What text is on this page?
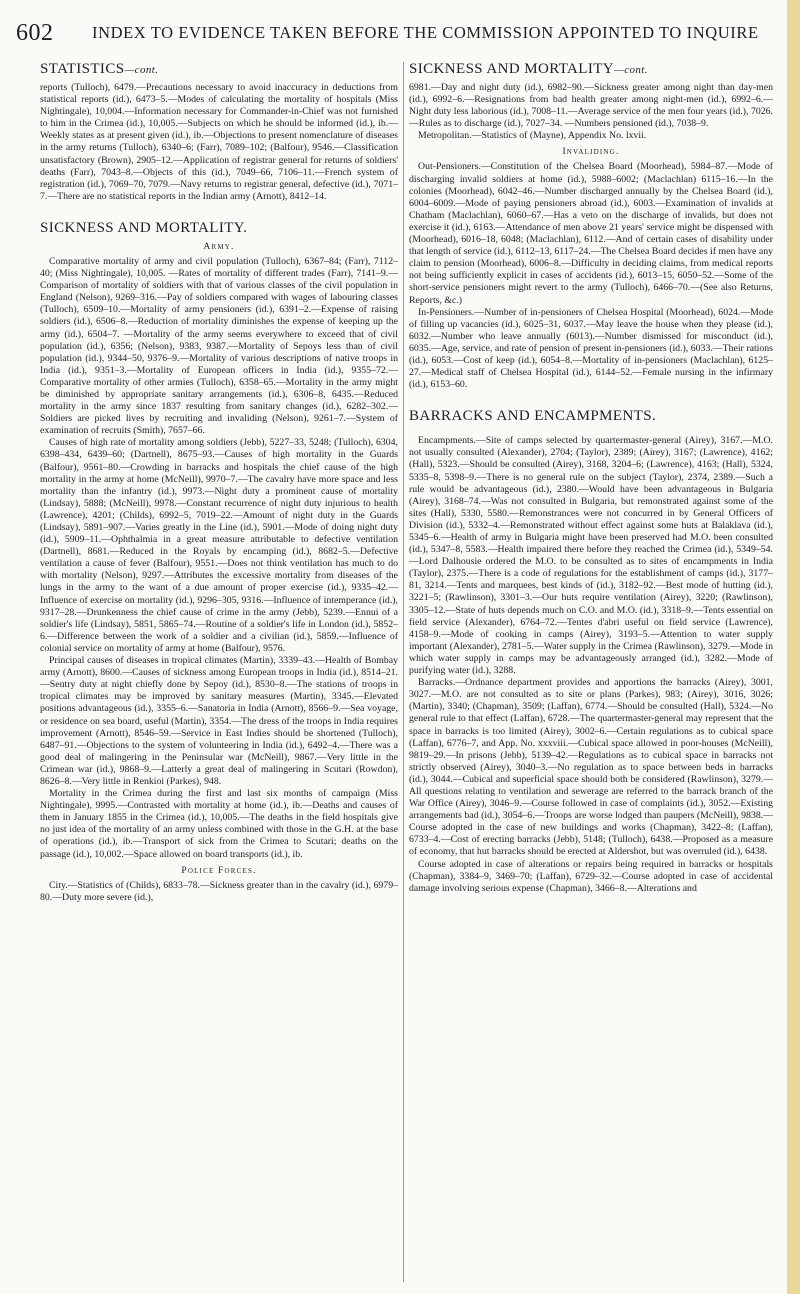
602 INDEX TO EVIDENCE TAKEN BEFORE THE COMMISSION APPOINTED TO INQUIRE
STATISTICS—cont.

reports (Tulloch), 6479.—Precautions necessary to avoid inaccuracy in deductions from statistical reports (id.), 6473–5.—Modes of calculating the mortality of hospitals (Miss Nightingale), 10,004.—Information necessary for Commander-in-Chief was not furnished to him in the Crimea (id.), 10,005.—Subjects on which he should be informed (id.), ib.—Weekly states as at present given (id.), ib.—Objections to present nomenclature of diseases in the army returns (Tulloch), 6340–6; (Farr), 7089–102; (Balfour), 9546.—Classification unsatisfactory (Brown), 2905–12.—Application of registrar general for returns of soldiers' deaths (Farr), 7043–8.—Objects of this (id.), 7049–66, 7106–11.—French system of registration (id.), 7069–70, 7079.—Navy returns to registrar general, defective (id.), 7071–7.—There are no statistical reports in the Indian army (Arnott), 8412–14.

SICKNESS AND MORTALITY.
Army.

Comparative mortality of army and civil population (Tulloch), 6367–84; (Farr), 7112–40; (Miss Nightingale), 10,005. —Rates of mortality of different trades (Farr), 7141–9.—Comparison of mortality of soldiers with that of various classes of the civil population in England (Nelson), 9269–316.—Pay of soldiers compared with wages of labouring classes (Tulloch), 6509–10.—Mortality of army pensioners (id.), 6391–2.—Expense of raising soldiers (id.), 6506–8.—Reduction of mortality diminishes the expense of keeping up the army (id.), 6504–7. —Mortality of the army seems everywhere to exceed that of civil population (id.), 6356; (Nelson), 9383, 9387.—Mortality of Sepoys less than of civil population (id.), 9344–50, 9376–9.—Mortality of various descriptions of native troops in India (id.), 9351–3.—Mortality of European officers in India (id.), 9355–72.—Comparative mortality of other armies (Tulloch), 6358–65.—Mortality in the army might be diminished by appropriate sanitary arrangements (id.), 6306–8, 6435.—Reduced mortality in the army since 1837 resulting from sanitary changes (id.), 6282–302.—Soldiers are picked lives by recruiting and invaliding (Nelson), 9261–7.—System of examination of recruits (Smith), 7657–66.

Causes of high rate of mortality among soldiers (Jebb), 5227–33, 5248; (Tulloch), 6304, 6398–434, 6439–60; (Dartnell), 8675–93.—Causes of high mortality in the Guards (Balfour), 9561–80.—Crowding in barracks and hospitals the chief cause of the high mortality in the army at home (McNeill), 9970–7.—The cavalry have more space and less mortality than the infantry (id.), 9973.—Night duty a prominent cause of mortality (Lindsay), 5888; (McNeill), 9978.—Constant recurrence of night duty injurious to health (Lawrence), 4201; (Childs), 6992–5, 7019–22.—Amount of night duty in the Guards (Lindsay), 5891–907.—Varies greatly in the Line (id.), 5901.—Mode of doing night duty (id.), 5909–11.—Ophthalmia in a great measure attributable to defective ventilation (Dartnell), 8681.—Reduced in the Royals by encamping (id.), 8682–5.—Defective ventilation a cause of fever (Balfour), 9551.—Does not think ventilation has much to do with mortality (Nelson), 9297.—Attributes the excessive mortality from diseases of the lungs in the army to the want of a due amount of proper exercise (id.), 9335–42.—Influence of exercise on mortality (id.), 9296–305, 9316.—Influence of intemperance (id.), 9317–28.—Drunkenness the chief cause of crime in the army (Jebb), 5239.—Ennui of a soldier's life (Lindsay), 5851, 5865–74.—Routine of a soldier's life in London (id.), 5852–6.—Difference between the work of a soldier and a civilian (id.), 5859.—Influence of colonial service on mortality of army at home (Balfour), 9576.

Principal causes of diseases in tropical climates (Martin), 3339–43.—Health of Bombay army (Arnott), 8600.—Causes of sickness among European troops in India (id.), 8514–21.—Sentry duty at night chiefly done by Sepoy (id.), 8530–8.—The stations of troops in tropical climates may be improved by sanitary measures (Martin), 3345.—Elevated positions advantageous (id.), 3355–6.—Sanatoria in India (Arnott), 8566–9.—Sea voyage, or residence on sea board, useful (Martin), 3354.—The dress of the troops in India requires improvement (Arnott), 8546–59.—Service in East Indies should be shortened (Tulloch), 6487–91.—Objections to the system of volunteering in India (id.), 6492–4.—There was a good deal of malingering in the Peninsular war (McNeill), 9867.—Very little in the Crimean war (id.), 9868–9.—Latterly a great deal of malingering in Scutari (Rowdon), 8626–8.—Very little in Renkioi (Parkes), 948.

Mortality in the Crimea during the first and last six months of campaign (Miss Nightingale), 9995.—Contrasted with mortality at home (id.), ib.—Deaths and causes of them in January 1855 in the Crimea (id.), 10,005.—The deaths in the field hospitals give no just idea of the mortality of an army unless combined with those in the G.H. at the base of operations (id.), ib.—Transport of sick from the Crimea to Scutari; deaths on the passage (id.), 10,002.—Space allowed on board transports (id.), ib.

Police Forces.

City.—Statistics of (Childs), 6833–78.—Sickness greater than in the cavalry (id.), 6979–80.—Duty more severe (id.),

SICKNESS AND MORTALITY—cont.

6981.—Day and night duty (id.), 6982–90.—Sickness greater among night than day-men (id.), 6992–6.—Resignations from bad health greater among night-men (id.), 6992–6.—Night duty less laborious (id.), 7008–11.—Average service of the men four years (id.), 7026.—Rules as to discharge (id.), 7027–34. —Numbers pensioned (id.), 7038–9.

Metropolitan.—Statistics of (Mayne), Appendix No. lxvii.

Invaliding.

Out-Pensioners.—Constitution of the Chelsea Board (Moorhead), 5984–87.—Mode of discharging invalid soldiers at home (id.), 5988–6002; (Maclachlan) 6115–16.—In the colonies (Moorhead), 6042–46.—Number discharged annually by the Chelsea Board (id.), 6004–6009.—Mode of paying pensioners abroad (id.), 6003.—Examination of invalids at Chatham (Maclachlan), 6060–67.—Has a veto on the discharge of invalids, but does not exercise it (id.), 6163.—Attendance of men above 21 years' service might be dispensed with (Moorhead), 6016–18, 6048; (Maclachlan), 6112.—And of certain cases of disability under that length of service (id.), 6112–13, 6117–24.—The Chelsea Board decides if men have any claim to pension (Moorhead), 6006–8.—Difficulty in deciding claims, from medical reports not being sufficiently explicit in cases of accidents (id.), 6013–15, 6050–52.—Some of the short-service pensioners might revert to the army (Tulloch), 6466–70.—(See also Returns, Reports, &c.)

In-Pensioners.—Number of in-pensioners of Chelsea Hospital (Moorhead), 6024.—Mode of filling up vacancies (id.), 6025–31, 6037.—May leave the house when they please (id.), 6032.—Number who leave annually (6013).—Number dismissed for misconduct (id.), 6035.—Age, service, and rate of pension of present in-pensioners (id.), 6033.—Their rations (id.), 6053.—Cost of keep (id.), 6054–8.—Mortality of in-pensioners (Maclachlan), 6125–27.—Medical staff of Chelsea Hospital (id.), 6144–52.—Female nursing in the infirmary (id.), 6153–60.

BARRACKS AND ENCAMPMENTS.

Encampments.—Site of camps selected by quartermaster-general (Airey), 3167.—M.O. not usually consulted (Alexander), 2704; (Taylor), 2389; (Airey), 3167; (Lawrence), 4162; (Hall), 5323.—Should be consulted (Airey), 3168, 3204–6; (Lawrence), 4163; (Hall), 5324, 5335–8, 5398–9.—There is no general rule on the subject (Taylor), 2374, 2389.—Such a rule would be advantageous (id.), 2380.—Would have been advantageous in Bulgaria (Airey), 3168–74.—Was not consulted in Bulgaria, but remonstrated against some of the sites (Hall), 5330, 5580.—Remonstrances were not concurred in by General Officers of Division (id.), 5332–4.—Remonstrated without effect against some huts at Balaklava (id.), 5345–6.—Health of army in Bulgaria might have been preserved had M.O. been consulted (id.), 5347–8, 5583.—Health impaired there before they reached the Crimea (id.), 5349–54.—Lord Dalhousie ordered the M.O. to be consulted as to sites of encampments in India (Taylor), 2375.—There is a code of regulations for the establishment of camps (id.), 3177–81, 3214.—Tents and marquees, best kinds of (id.), 3182–92.—Best mode of hutting (id.), 3221–5; (Rawlinson), 3301–3.—Our huts require ventilation (Airey), 3220; (Rawlinson), 3305–12.—State of huts depends much on C.O. and M.O. (id.), 3318–9.—Tents essential on field service (Alexander), 6764–72.—Tentes d'abri useful on field service (Lawrence), 4158–9.—Mode of cooking in camps (Airey), 3193–5.—Attention to water supply important (Alexander), 2781–5.—Water supply in the Crimea (Rawlinson), 3279.—Mode in which water supply in camps may be advantageously arranged (id.), 3282.—Mode of purifying water (id.), 3288.

Barracks.—Ordnance department provides and apportions the barracks (Airey), 3001, 3027.—M.O. are not consulted as to site or plans (Parkes), 983; (Airey), 3016, 3026; (Martin), 3340; (Chapman), 3509; (Laffan), 6774.—Should be consulted (Hall), 5324.—No general rule to that effect (Laffan), 6728.—The quartermaster-general may represent that the space in barracks is too limited (Airey), 3002–6.—Certain regulations as to cubical space (Laffan), 6776–7, and App. No. xxxviii.—Cubical space allowed in poor-houses (McNeill), 9819–29.—In prisons (Jebb), 5139–42.—Regulations as to cubical space in barracks not strictly observed (Airey), 3040–3.—No regulation as to space between beds in barracks (id.), 3044.—Cubical and superficial space should both be considered (Rawlinson), 3279.—All questions relating to ventilation and sewerage are referred to the barrack branch of the War Office (Airey), 3046–9.—Course followed in case of complaints (id.), 3052.—Existing arrangements bad (id.), 3054–6.—Troops are worse lodged than paupers (McNeill), 9838.—Course adopted in the case of new buildings and works (Chapman), 3422–8; (Laffan), 6733–4.—Cost of erecting barracks (Jebb), 5148; (Tulloch), 6438.—Proposed as a measure of economy, that hut barracks should be erected at Aldershot, but was overruled (id.), 6438.

Course adopted in case of alterations or repairs being required in barracks or hospitals (Chapman), 3384–9, 3469–70; (Laffan), 6729–32.—Course adopted in case of accidental damage involving serious expense (Chapman), 3466–8.—Alterations and
